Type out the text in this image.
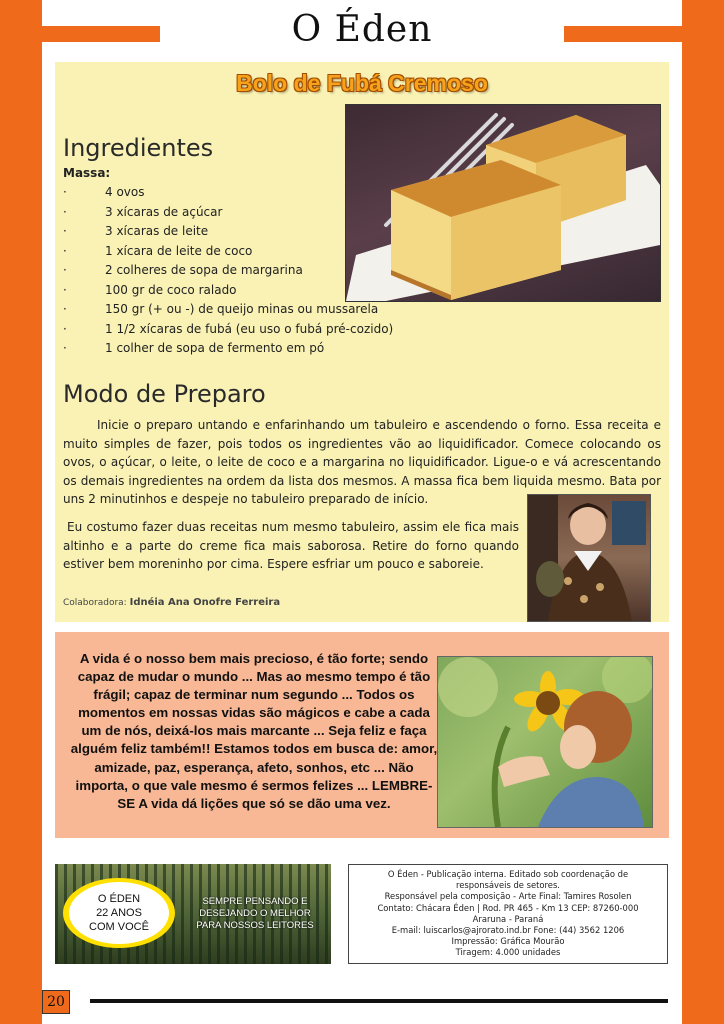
O Éden
Bolo de Fubá Cremoso
Ingredientes
Massa:
·	4 ovos
·	3 xícaras de açúcar
·	3 xícaras de leite
·	1 xícara de leite de coco
·	2 colheres de sopa de margarina
·	100 gr de coco ralado
·	150 gr (+ ou -) de queijo minas ou mussarela
·	1 1/2 xícaras de fubá (eu uso o fubá pré-cozido)
·	1 colher de sopa de fermento em pó
Modo de Preparo

Inicie o preparo untando e enfarinhando um tabuleiro e ascendendo o forno. Essa receita e muito simples de fazer, pois todos os ingredientes vão ao liquidificador. Comece colocando os ovos, o açúcar, o leite, o leite de coco e a margarina no liquidificador. Ligue-o e vá acrescentando os demais ingredientes na ordem da lista dos mesmos. A massa fica bem liquida mesmo. Bata por uns 2 minutinhos e despeje no tabuleiro preparado de início.

Eu costumo fazer duas receitas num mesmo tabuleiro, assim ele fica mais altinho e a parte do creme fica mais saborosa. Retire do forno quando estiver bem moreninho por cima. Espere esfriar um pouco e saboreie.

Colaboradora: Idnéia Ana Onofre Ferreira

A vida é o nosso bem mais precioso, é tão forte; sendo capaz de mudar o mundo ... Mas ao mesmo tempo é tão frágil; capaz de terminar num segundo ... Todos os momentos em nossas vidas são mágicos e cabe a cada um de nós, deixá-los mais marcante ... Seja feliz e faça alguém feliz também!! Estamos todos em busca de: amor, amizade, paz, esperança, afeto, sonhos, etc ... Não importa, o que vale mesmo é sermos felizes ... LEMBRE-SE A vida dá lições que só se dão uma vez.

O ÉDEN
22 ANOS
COM VOCÊ
SEMPRE PENSANDO E
DESEJANDO O MELHOR
PARA NOSSOS LEITORES
O Éden - Publicação interna. Editado sob coordenação de
responsáveis de setores.
Responsável pela composição - Arte Final: Tamires Rosolen
Contato: Chácara Éden | Rod. PR 465 - Km 13 CEP: 87260-000
Araruna - Paraná
E-mail: luiscarlos@ajrorato.ind.br Fone: (44) 3562 1206
Impressão: Gráfica Mourão
Tiragem: 4.000 unidades
20
